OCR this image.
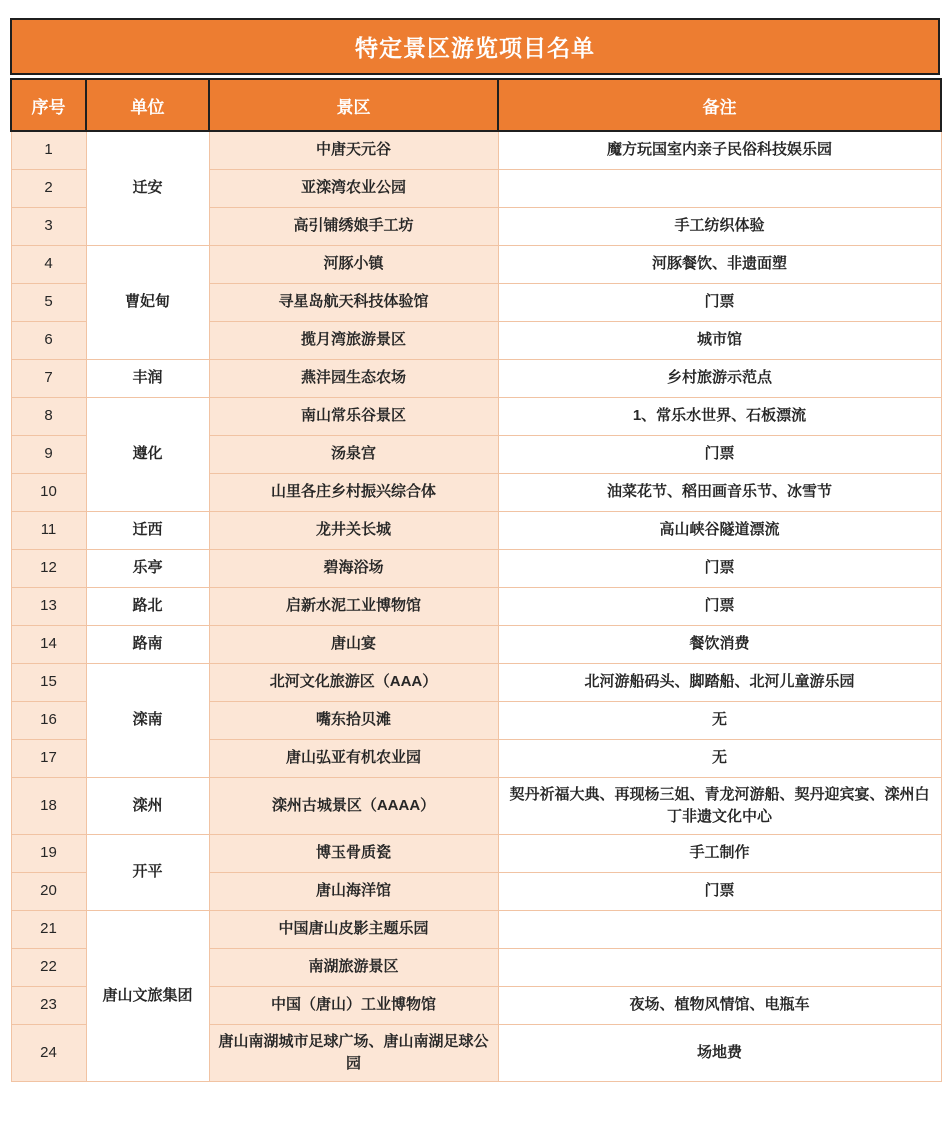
特定景区游览项目名单
序号	单位	景区	备注
1	迁安	中唐天元谷	魔方玩国室内亲子民俗科技娱乐园
2		亚滦湾农业公园	
3		高引铺绣娘手工坊	手工纺织体验
4	曹妃甸	河豚小镇	河豚餐饮、非遗面塑
5		寻星岛航天科技体验馆	门票
6		揽月湾旅游景区	城市馆
7	丰润	燕沣园生态农场	乡村旅游示范点
8	遵化	南山常乐谷景区	1、常乐水世界、石板漂流
9		汤泉宫	门票
10		山里各庄乡村振兴综合体	油菜花节、稻田画音乐节、冰雪节
11	迁西	龙井关长城	高山峡谷隧道漂流
12	乐亭	碧海浴场	门票
13	路北	启新水泥工业博物馆	门票
14	路南	唐山宴	餐饮消费
15	滦南	北河文化旅游区（AAA）	北河游船码头、脚踏船、北河儿童游乐园
16		嘴东拾贝滩	无
17		唐山弘亚有机农业园	无
18	滦州	滦州古城景区（AAAA）	契丹祈福大典、再现杨三姐、青龙河游船、契丹迎宾宴、滦州白丁非遗文化中心
19	开平	博玉骨质瓷	手工制作
20		唐山海洋馆	门票
21	唐山文旅集团	中国唐山皮影主题乐园	
22		南湖旅游景区	
23		中国（唐山）工业博物馆	夜场、植物风情馆、电瓶车
24		唐山南湖城市足球广场、唐山南湖足球公园	场地费
